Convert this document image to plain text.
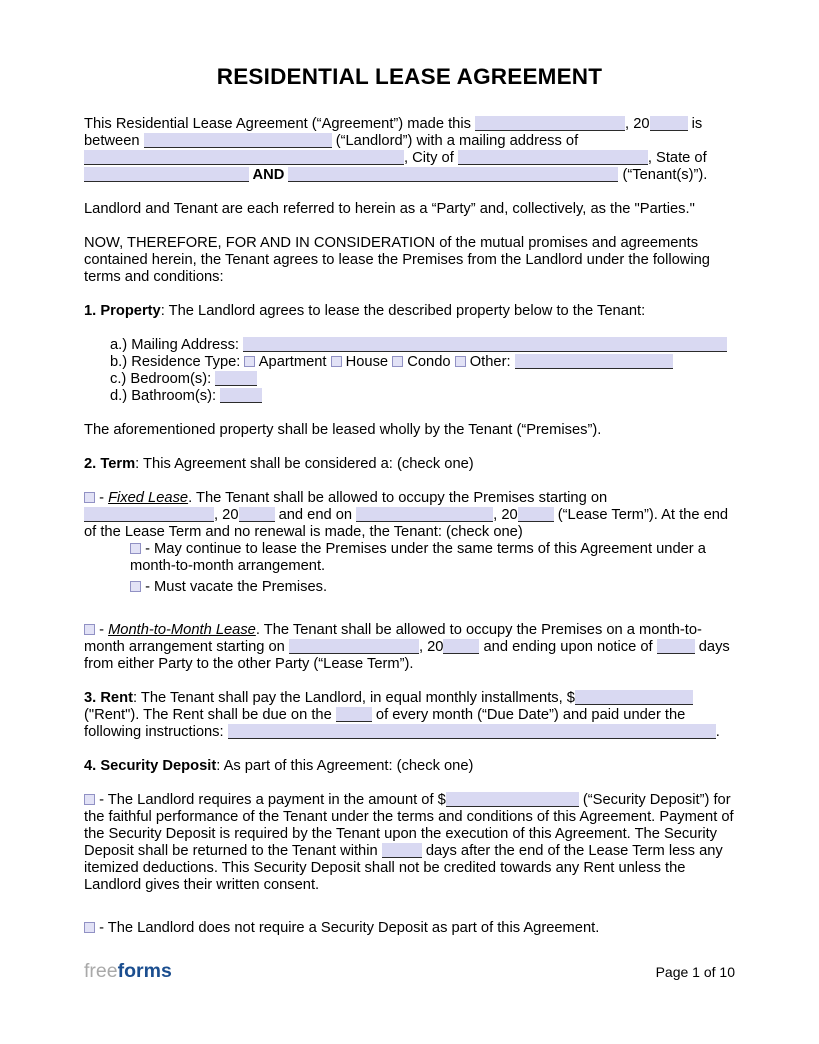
RESIDENTIAL LEASE AGREEMENT

This Residential Lease Agreement (“Agreement”) made this	, 20	is between	(“Landlord”) with a mailing address of , City of	, State of  AND	(“Tenant(s)”).

Landlord and Tenant are each referred to herein as a “Party” and, collectively, as the "Parties."

NOW, THEREFORE, FOR AND IN CONSIDERATION of the mutual promises and agreements contained herein, the Tenant agrees to lease the Premises from the Landlord under the following terms and conditions:

1. Property: The Landlord agrees to lease the described property below to the Tenant:

a.) Mailing Address:

b.) Residence Type:  Apartment  House  Condo  Other:

c.) Bedroom(s):

d.) Bathroom(s):

The aforementioned property shall be leased wholly by the Tenant (“Premises”).

2. Term: This Agreement shall be considered a: (check one)

- Fixed Lease. The Tenant shall be allowed to occupy the Premises starting on , 20 and end on	, 20 (“Lease Term”). At the end of the Lease Term and no renewal is made, the Tenant: (check one)

- May continue to lease the Premises under the same terms of this Agreement under a month-to-month arrangement.

- Must vacate the Premises.

- Month-to-Month Lease. The Tenant shall be allowed to occupy the Premises on a month-to-month arrangement starting on	, 20 and ending upon notice of	days from either Party to the other Party (“Lease Term”).

3. Rent: The Tenant shall pay the Landlord, in equal monthly installments, $ ("Rent"). The Rent shall be due on the  of every month (“Due Date”) and paid under the following instructions:	.

4. Security Deposit: As part of this Agreement: (check one)

- The Landlord requires a payment in the amount of $	(“Security Deposit”) for the faithful performance of the Tenant under the terms and conditions of this Agreement. Payment of the Security Deposit is required by the Tenant upon the execution of this Agreement. The Security Deposit shall be returned to the Tenant within	days after the end of the Lease Term less any itemized deductions. This Security Deposit shall not be credited towards any Rent unless the Landlord gives their written consent.

- The Landlord does not require a Security Deposit as part of this Agreement.

freeforms	Page 1 of 10
